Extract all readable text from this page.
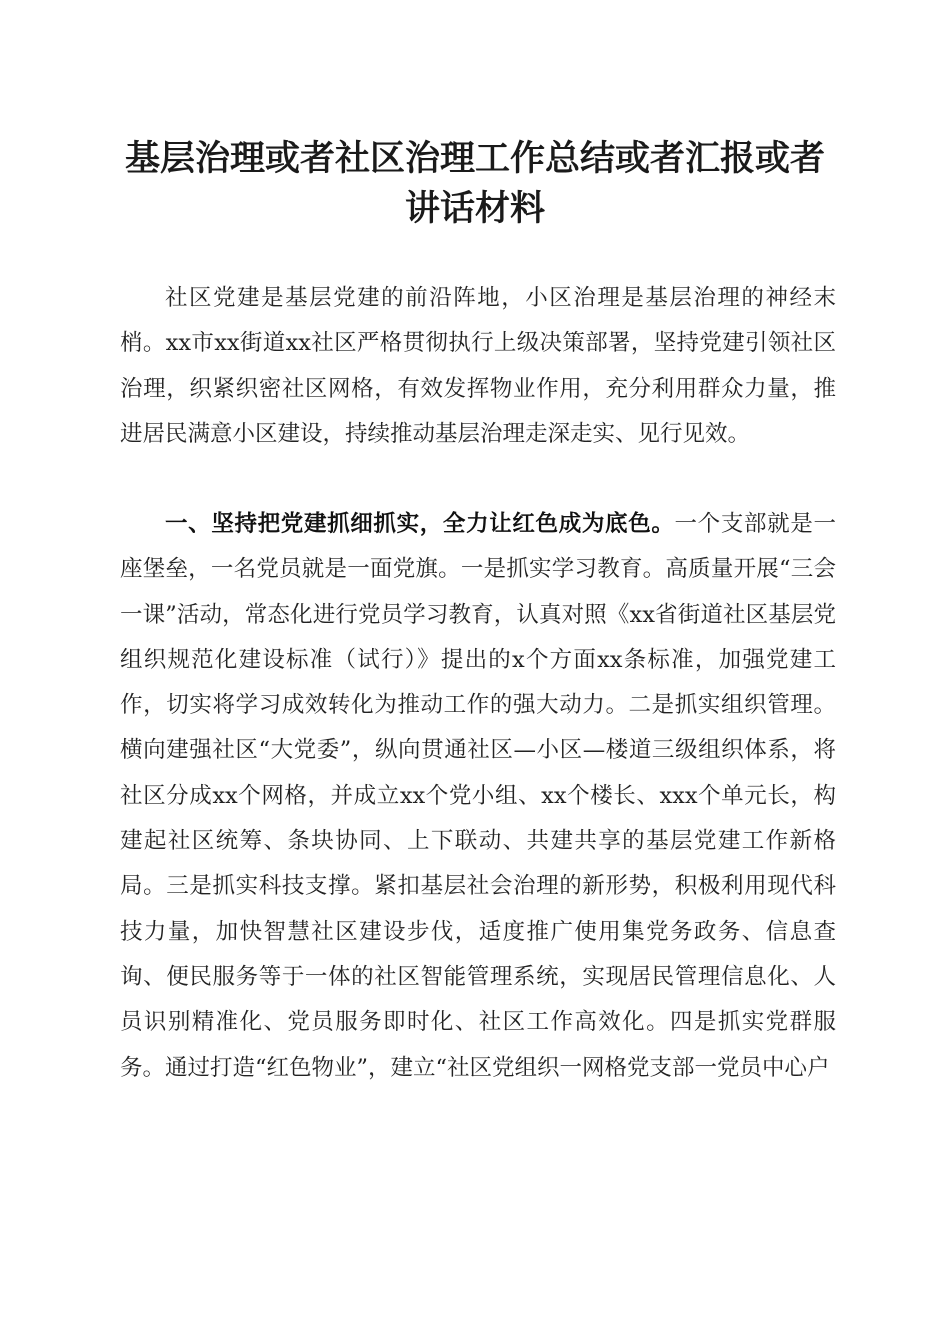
基层治理或者社区治理工作总结或者汇报或者
讲话材料
社区党建是基层党建的前沿阵地，小区治理是基层治理的神经末梢。xx市xx街道xx社区严格贯彻执行上级决策部署，坚持党建引领社区治理，织紧织密社区网格，有效发挥物业作用，充分利用群众力量，推进居民满意小区建设，持续推动基层治理走深走实、见行见效。
一、坚持把党建抓细抓实，全力让红色成为底色。一个支部就是一座堡垒，一名党员就是一面党旗。一是抓实学习教育。高质量开展“三会一课”活动，常态化进行党员学习教育，认真对照《xx省街道社区基层党组织规范化建设标准（试行）》提出的x个方面xx条标准，加强党建工作，切实将学习成效转化为推动工作的强大动力。二是抓实组织管理。横向建强社区“大党委”，纵向贯通社区—小区—楼道三级组织体系，将社区分成xx个网格，并成立xx个党小组、xx个楼长、xxx个单元长，构建起社区统筹、条块协同、上下联动、共建共享的基层党建工作新格局。三是抓实科技支撑。紧扣基层社会治理的新形势，积极利用现代科技力量，加快智慧社区建设步伐，适度推广使用集党务政务、信息查询、便民服务等于一体的社区智能管理系统，实现居民管理信息化、人员识别精准化、党员服务即时化、社区工作高效化。四是抓实党群服务。通过打造“红色物业”，建立“社区党组织一网格党支部一党员中心户
